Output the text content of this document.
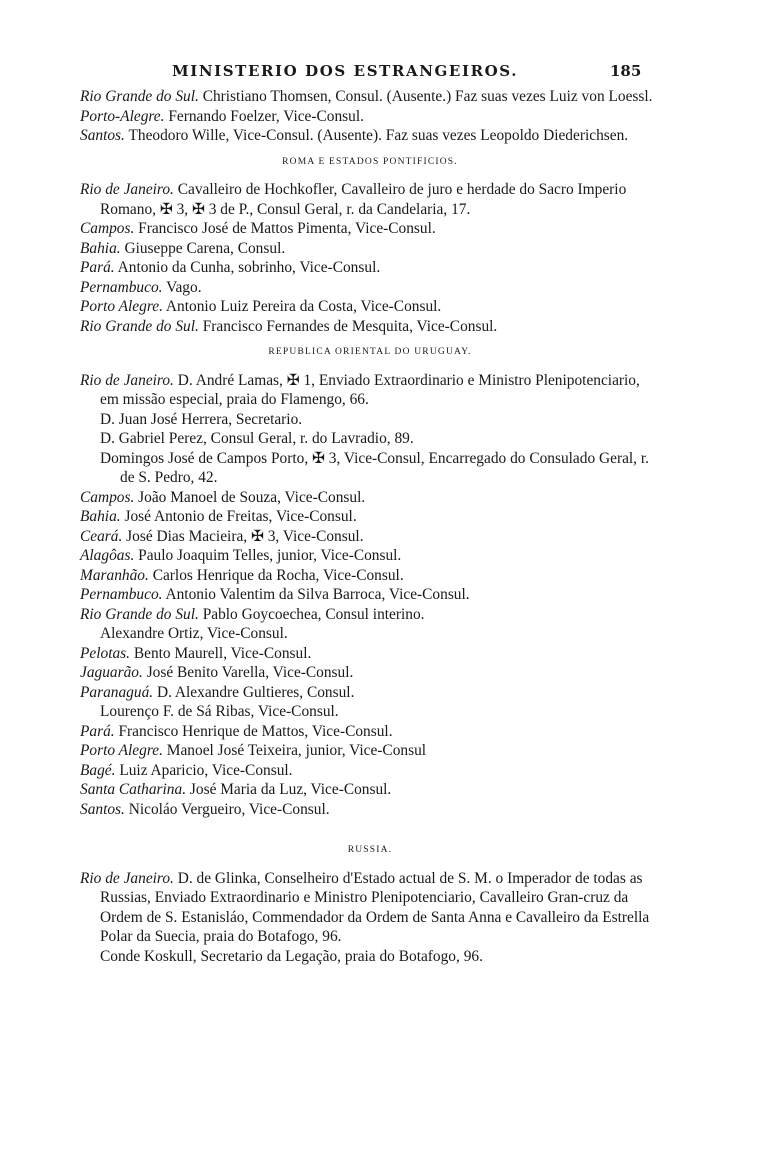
MINISTERIO DOS ESTRANGEIROS.	185

Rio Grande do Sul. Christiano Thomsen, Consul. (Ausente.) Faz suas vezes Luiz von Loessl.

Porto-Alegre. Fernando Foelzer, Vice-Consul.

Santos. Theodoro Wille, Vice-Consul. (Ausente). Faz suas vezes Leopoldo Diederichsen.

ROMA E ESTADOS PONTIFICIOS.

Rio de Janeiro. Cavalleiro de Hochkofler, Cavalleiro de juro e herdade do Sacro Imperio Romano, ✠ 3, ✠ 3 de P., Consul Geral, r. da Candelaria, 17.

Campos. Francisco José de Mattos Pimenta, Vice-Consul.

Bahia. Giuseppe Carena, Consul.

Pará. Antonio da Cunha, sobrinho, Vice-Consul.

Pernambuco. Vago.

Porto Alegre. Antonio Luiz Pereira da Costa, Vice-Consul.

Rio Grande do Sul. Francisco Fernandes de Mesquita, Vice-Consul.

REPUBLICA ORIENTAL DO URUGUAY.

Rio de Janeiro. D. André Lamas, ✠ 1, Enviado Extraordinario e Ministro Plenipotenciario, em missão especial, praia do Flamengo, 66.

D. Juan José Herrera, Secretario.

D. Gabriel Perez, Consul Geral, r. do Lavradio, 89.

Domingos José de Campos Porto, ✠ 3, Vice-Consul, Encarregado do Consulado Geral, r. de S. Pedro, 42.

Campos. João Manoel de Souza, Vice-Consul.

Bahia. José Antonio de Freitas, Vice-Consul.

Ceará. José Dias Macieira, ✠ 3, Vice-Consul.

Alagôas. Paulo Joaquim Telles, junior, Vice-Consul.

Maranhão. Carlos Henrique da Rocha, Vice-Consul.

Pernambuco. Antonio Valentim da Silva Barroca, Vice-Consul.

Rio Grande do Sul. Pablo Goycoechea, Consul interino.

Alexandre Ortiz, Vice-Consul.

Pelotas. Bento Maurell, Vice-Consul.

Jaguarão. José Benito Varella, Vice-Consul.

Paranaguá. D. Alexandre Gultieres, Consul.

Lourenço F. de Sá Ribas, Vice-Consul.

Pará. Francisco Henrique de Mattos, Vice-Consul.

Porto Alegre. Manoel José Teixeira, junior, Vice-Consul

Bagé. Luiz Aparicio, Vice-Consul.

Santa Catharina. José Maria da Luz, Vice-Consul.

Santos. Nicoláo Vergueiro, Vice-Consul.

RUSSIA.

Rio de Janeiro. D. de Glinka, Conselheiro d'Estado actual de S. M. o Imperador de todas as Russias, Enviado Extraordinario e Ministro Plenipotenciario, Cavalleiro Gran-cruz da Ordem de S. Estanisláo, Commendador da Ordem de Santa Anna e Cavalleiro da Estrella Polar da Suecia, praia do Botafogo, 96.

Conde Koskull, Secretario da Legação, praia do Botafogo, 96.
